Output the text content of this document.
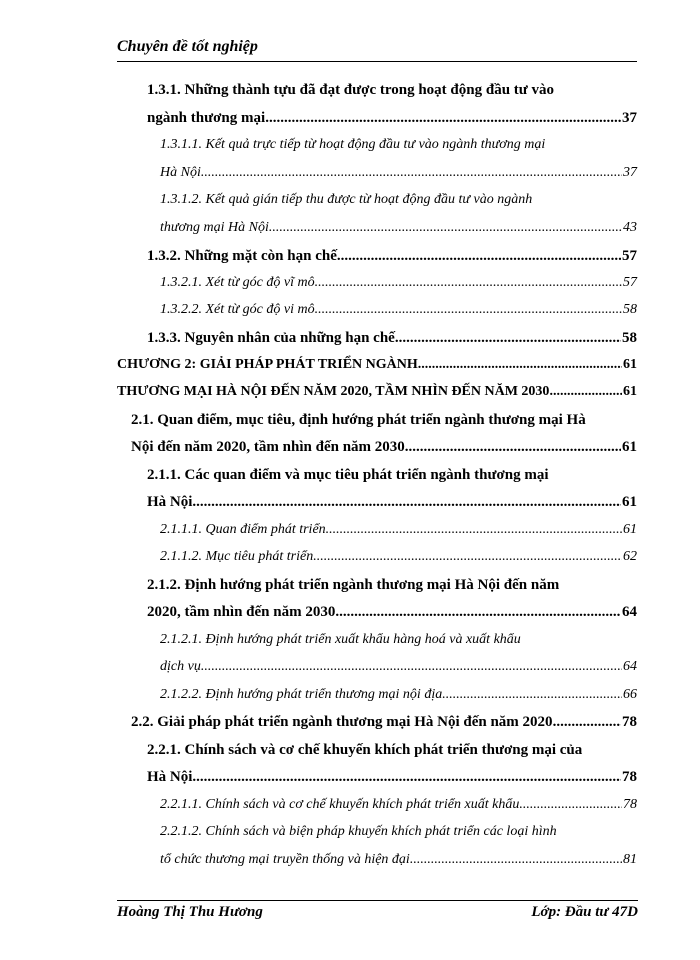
Chuyên đề tốt nghiệp
1.3.1. Những thành tựu đã đạt được trong hoạt động đầu tư vào
ngành thương mại .....	37
1.3.1.1. Kết quả trực tiếp từ hoạt động đầu tư vào ngành thương mại
Hà Nội .....	37
1.3.1.2. Kết quả gián tiếp thu được từ hoạt động đầu tư vào ngành
thương mại Hà Nội .....	43
1.3.2. Những mặt còn hạn chế .....	57
1.3.2.1. Xét từ góc độ vĩ mô .....	57
1.3.2.2. Xét từ góc độ vi mô .....	58
1.3.3. Nguyên nhân của những hạn chế .....	58
CHƯƠNG 2: GIẢI PHÁP PHÁT TRIỂN NGÀNH .....	61
THƯƠNG MẠI HÀ NỘI ĐẾN NĂM 2020, TẦM NHÌN ĐẾN NĂM 2030 .....	61
2.1. Quan điểm, mục tiêu, định hướng phát triển ngành thương mại Hà
Nội đến năm 2020, tầm nhìn đến năm 2030 .....	61
2.1.1. Các quan điểm và mục tiêu phát triển ngành thương mại
Hà Nội .....	61
2.1.1.1. Quan điểm phát triển .....	61
2.1.1.2. Mục tiêu phát triển .....	62
2.1.2. Định hướng phát triển ngành thương mại Hà Nội đến năm
2020, tầm nhìn đến năm 2030 .....	64
2.1.2.1. Định hướng phát triển xuất khẩu hàng hoá và xuất khẩu
dịch vụ .....	64
2.1.2.2. Định hướng phát triển thương mại nội địa .....	66
2.2. Giải pháp phát triển ngành thương mại Hà Nội đến năm 2020 .....	78
2.2.1. Chính sách và cơ chế khuyến khích phát triển thương mại của
Hà Nội .....	78
2.2.1.1. Chính sách và cơ chế khuyến khích phát triển xuất khẩu .....	78
2.2.1.2. Chính sách và biện pháp khuyến khích phát triển các loại hình
tổ chức thương mại truyền thống và hiện đại .....	81
Hoàng Thị Thu Hương	Lớp: Đầu tư 47D
